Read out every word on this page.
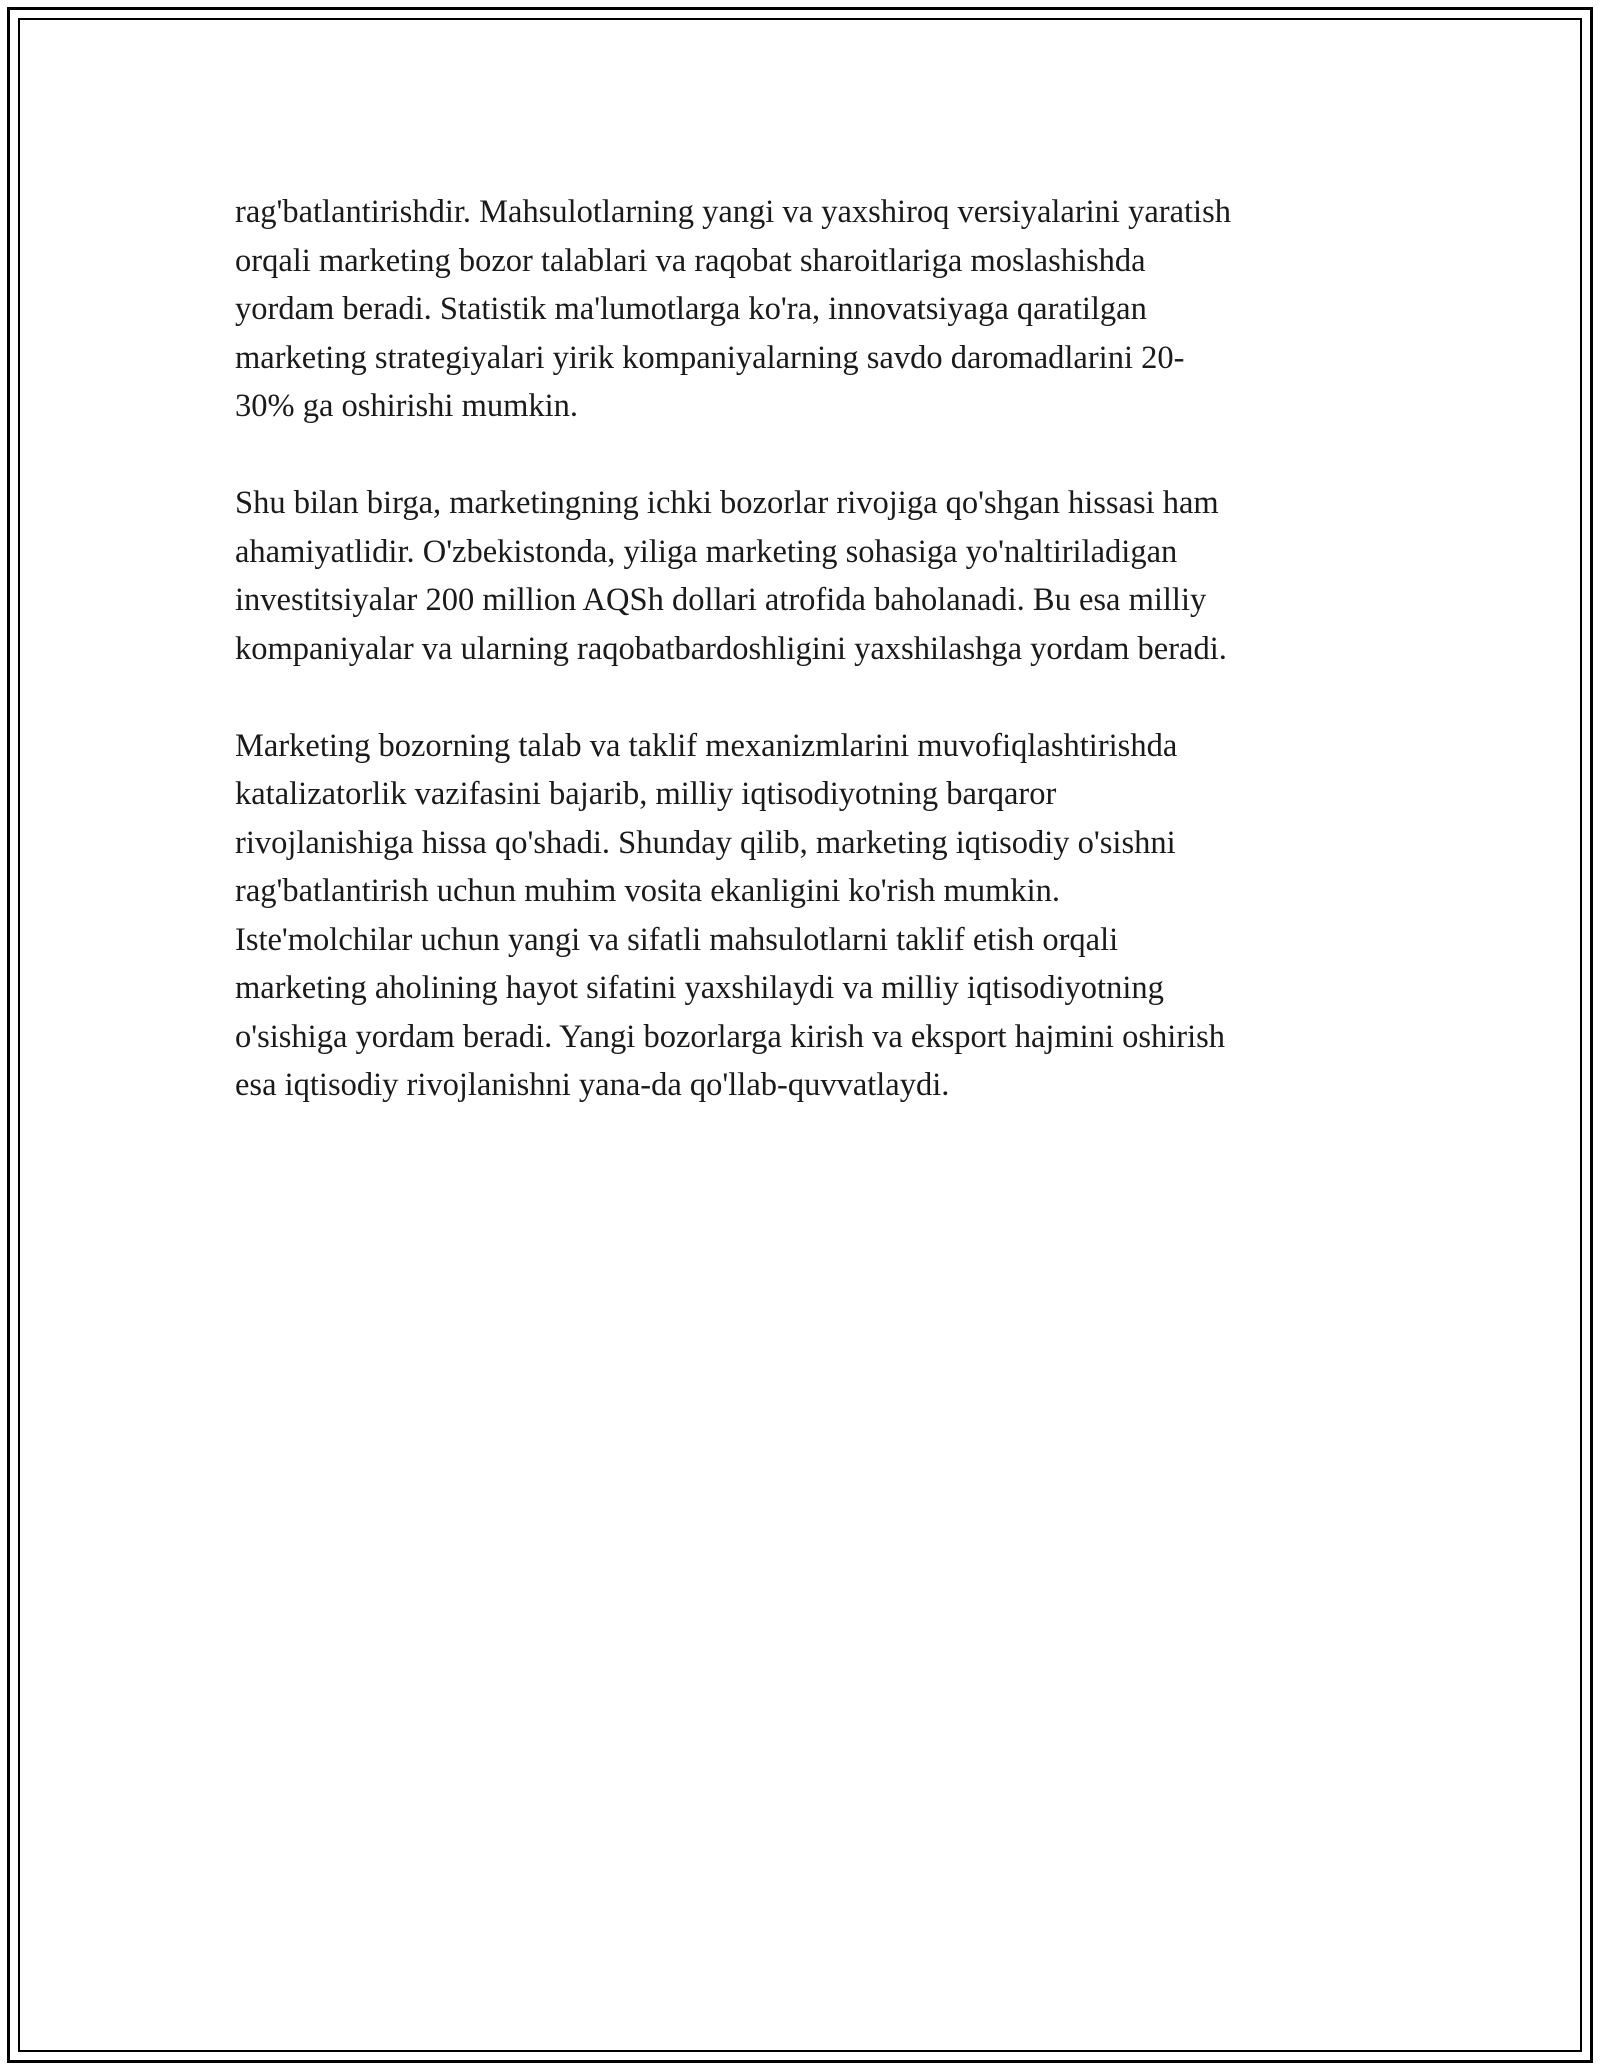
rag'batlantirishdir. Mahsulotlarning yangi va yaxshiroq versiyalarini yaratish
orqali marketing bozor talablari va raqobat sharoitlariga moslashishda
yordam beradi. Statistik ma'lumotlarga ko'ra, innovatsiyaga qaratilgan
marketing strategiyalari yirik kompaniyalarning savdo daromadlarini 20-
30% ga oshirishi mumkin.

Shu bilan birga, marketingning ichki bozorlar rivojiga qo'shgan hissasi ham
ahamiyatlidir. O'zbekistonda, yiligа marketing sohasiga yo'naltiriladigan
investitsiyalar 200 million AQSh dollari atrofida baholanadi. Bu esa milliy
kompaniyalar va ularning raqobatbardoshligini yaxshilashga yordam beradi.

Marketing bozorning talab va taklif mexanizmlarini muvofiqlashtirishda
katalizatorlik vazifasini bajarib, milliy iqtisodiyotning barqaror
rivojlanishiga hissa qo'shadi. Shunday qilib, marketing iqtisodiy o'sishni
rag'batlantirish uchun muhim vosita ekanligini ko'rish mumkin.
Iste'molchilar uchun yangi va sifatli mahsulotlarni taklif etish orqali
marketing aholining hayot sifatini yaxshilaydi va milliy iqtisodiyotning
o'sishiga yordam beradi. Yangi bozorlarga kirish va eksport hajmini oshirish
esa iqtisodiy rivojlanishni yana-da qo'llab-quvvatlaydi.
